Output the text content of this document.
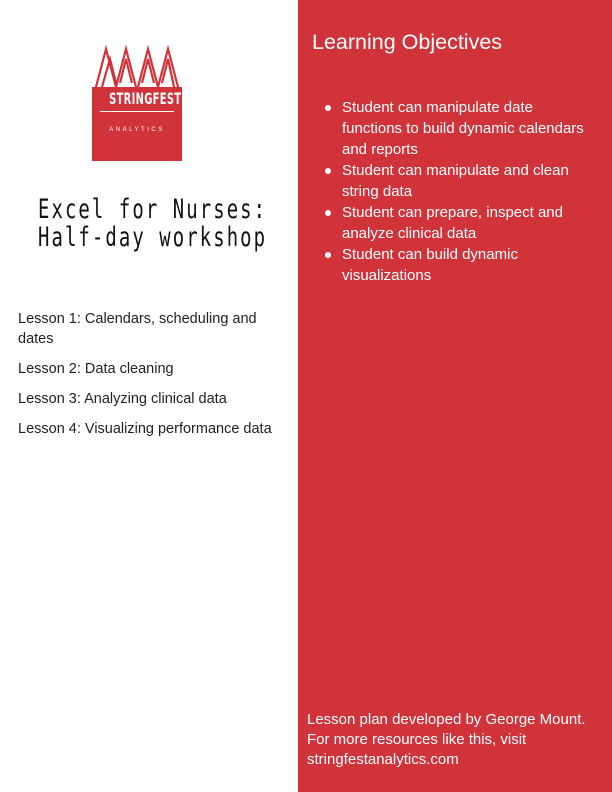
STRINGFEST
ANALYTICS
Excel for Nurses: Half-day workshop
Lesson 1: Calendars, scheduling and dates
Lesson 2: Data cleaning
Lesson 3: Analyzing clinical data
Lesson 4: Visualizing performance data
Learning Objectives
Student can manipulate date functions to build dynamic calendars and reports
Student can manipulate and clean string data
Student can prepare, inspect and analyze clinical data
Student can build dynamic visualizations

Lesson plan developed by George Mount. For more resources like this, visit stringfestanalytics.com
